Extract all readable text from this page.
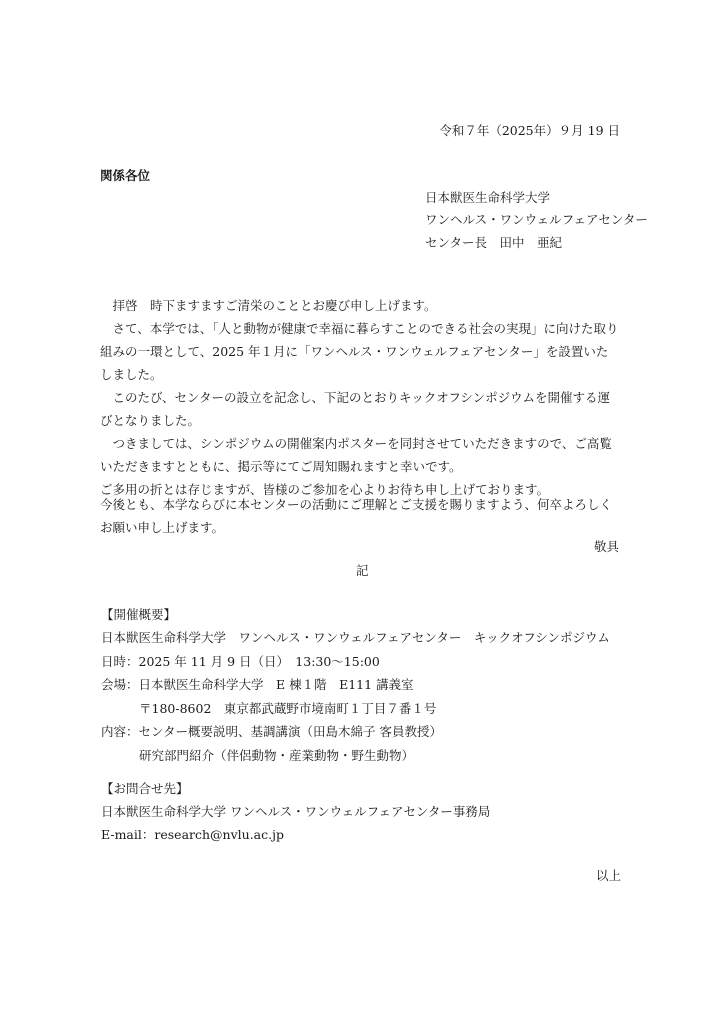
令和７年（2025年）９月 19 日
関係各位
日本獣医生命科学大学
ワンヘルス・ワンウェルフェアセンター
センター長　田中　亜紀

拝啓　時下ますますご清栄のこととお慶び申し上げます。

さて、本学では、「人と動物が健康で幸福に暮らすことのできる社会の実現」に向けた取り組みの一環として、2025 年１月に「ワンヘルス・ワンウェルフェアセンター」を設置いたしました。

このたび、センターの設立を記念し、下記のとおりキックオフシンポジウムを開催する運びとなりました。

つきましては、シンポジウムの開催案内ポスターを同封させていただきますので、ご高覧いただきますとともに、掲示等にてご周知賜れますと幸いです。

ご多用の折とは存じますが、皆様のご参加を心よりお待ち申し上げております。

今後とも、本学ならびに本センターの活動にご理解とご支援を賜りますよう、何卒よろしくお願い申し上げます。

敬具
記
【開催概要】
日本獣医生命科学大学　ワンヘルス・ワンウェルフェアセンター　キックオフシンポジウム
日時：2025 年 11 月 9 日（日）　13:30～15:00
会場：日本獣医生命科学大学　E 棟１階　E111 講義室
〒180-8602　東京都武蔵野市境南町１丁目７番１号
内容：センター概要説明、基調講演（田島木綿子 客員教授）
研究部門紹介（伴侶動物・産業動物・野生動物）
【お問合せ先】
日本獣医生命科学大学 ワンヘルス・ワンウェルフェアセンター事務局
E-mail：research@nvlu.ac.jp
以上
